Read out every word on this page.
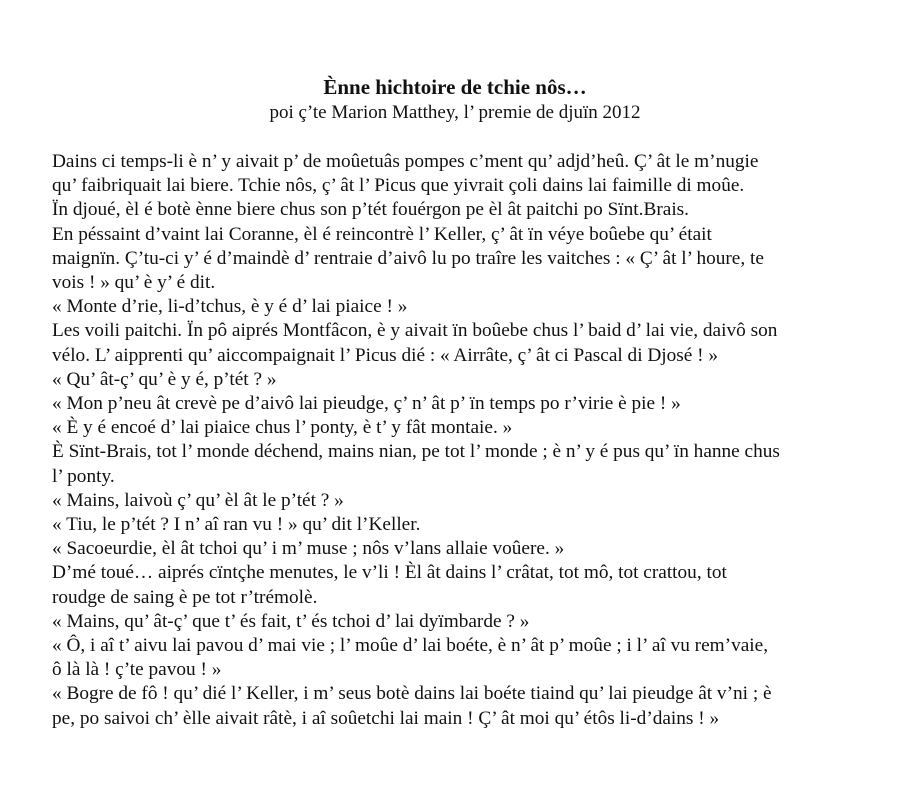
Ènne hichtoire de tchie nôs…
poi ç’te Marion Matthey, l’ premie de djuïn 2012
Dains ci temps-li è n’ y aivait p’ de moûetuâs pompes c’ment qu’ adjd’heû. Ç’ ât le m’nugie
qu’ faibriquait lai biere. Tchie nôs, ç’ ât l’ Picus que yivrait çoli dains lai faimille di moûe.
Ïn djoué, èl é botè ènne biere chus son p’tét fouérgon pe èl ât paitchi po Sïnt.Brais.
En péssaint d’vaint lai Coranne, èl é reincontrè l’ Keller, ç’ ât ïn véye boûebe qu’ était
maignïn. Ç’tu-ci y’ é d’maindè d’ rentraie d’aivô lu po traîre les vaitches : « Ç’ ât l’ houre, te
vois ! » qu’ è y’ é dit.
« Monte d’rie, li-d’tchus, è y é d’ lai piaice ! »
Les voili paitchi. Ïn pô aiprés Montfâcon, è y aivait ïn boûebe chus l’ baid d’ lai vie, daivô son
vélo. L’ aipprenti qu’ aiccompaignait l’ Picus dié : « Airrâte, ç’ ât ci Pascal di Djosé ! »
« Qu’ ât-ç’ qu’ è y é, p’tét ? »
« Mon p’neu ât crevè pe d’aivô lai pieudge, ç’ n’ ât p’ ïn temps po r’virie è pie ! »
« È y é encoé d’ lai piaice chus l’ ponty, è t’ y fât montaie. »
È Sïnt-Brais, tot l’ monde déchend, mains nian, pe tot l’ monde ; è n’ y é pus qu’ ïn hanne chus
l’ ponty.
« Mains, laivoù ç’ qu’ èl ât le p’tét ? »
« Tiu, le p’tét ? I n’ aî ran vu ! » qu’ dit l’Keller.
« Sacoeurdie, èl ât tchoi qu’ i m’ muse ; nôs v’lans allaie voûere. »
D’mé toué… aiprés cïntçhe menutes, le v’li ! Èl ât dains l’ crâtat, tot mô, tot crattou, tot
roudge de saing è pe tot r’trémolè.
« Mains, qu’ ât-ç’ que t’ és fait, t’ és tchoi d’ lai dyïmbarde ? »
« Ô, i aî t’ aivu lai pavou d’ mai vie ; l’ moûe d’ lai boéte, è n’ ât p’ moûe ; i l’ aî vu rem’vaie,
ô là là ! ç’te pavou ! »
« Bogre de fô ! qu’ dié l’ Keller, i m’ seus botè dains lai boéte tiaind qu’ lai pieudge ât v’ni ; è
pe, po saivoi ch’ èlle aivait râtè, i aî soûetchi lai main ! Ç’ ât moi qu’ étôs li-d’dains ! »
